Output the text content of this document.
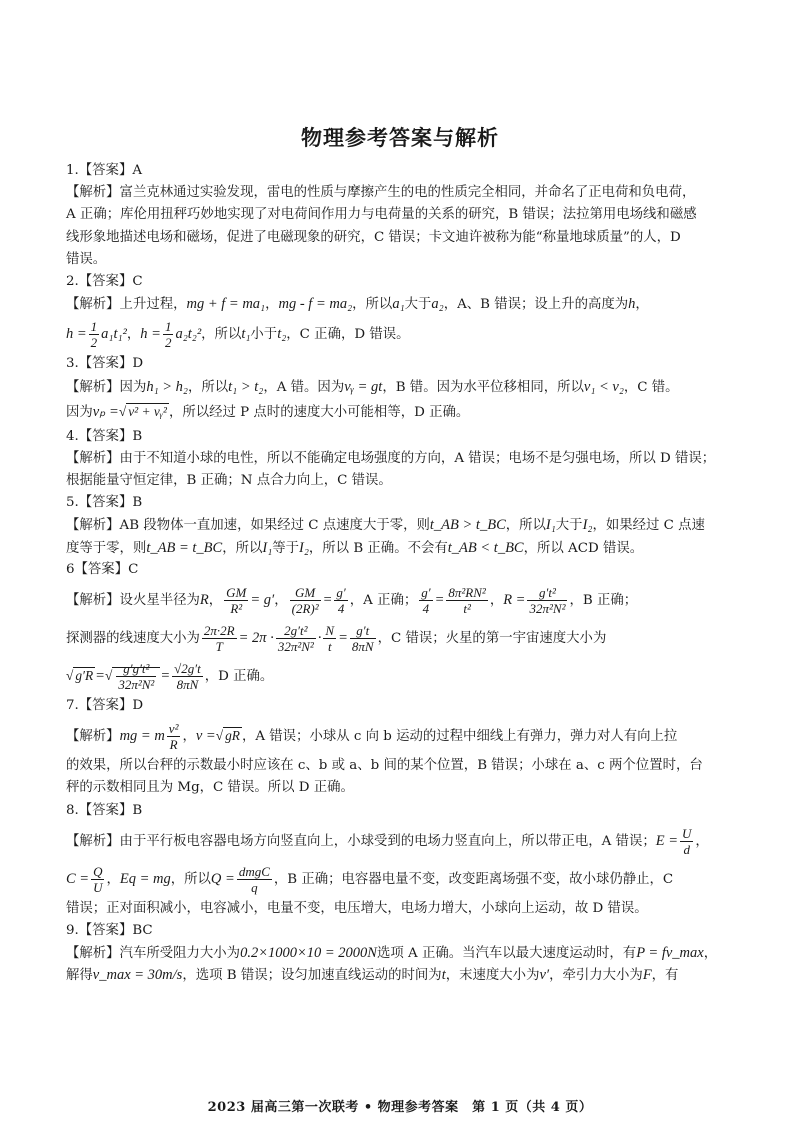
物理参考答案与解析
1.【答案】A
【解析】富兰克林通过实验发现，雷电的性质与摩擦产生的电的性质完全相同，并命名了正电荷和负电荷，
A 正确；库伦用扭秤巧妙地实现了对电荷间作用力与电荷量的关系的研究，B 错误；法拉第用电场线和磁感
线形象地描述电场和磁场，促进了电磁现象的研究，C 错误；卡文迪许被称为能“称量地球质量”的人，D
错误。
2.【答案】C
【解析】上升过程，mg + f = ma₁，mg - f = ma₂，所以a₁大于a₂，A、B 错误；设上升的高度为h，
$h = \frac{1}{2} a_1t_1^2$，$h = \frac{1}{2} a_2t_2^2$，所以t₁小于t₂，C 正确，D 错误。
3.【答案】D
【解析】因为h₁ > h₂，所以t₁ > t₂，A 错。因为vᵧ = gt，B 错。因为水平位移相同，所以v₁ < v₂，C 错。
因为vₚ =√ v² + vᵧ² ，所以经过 P 点时的速度大小可能相等，D 正确。
4.【答案】B
【解析】由于不知道小球的电性，所以不能确定电场强度的方向，A 错误；电场不是匀强电场，所以 D 错误；
根据能量守恒定律，B 正确；N 点合力向上，C 错误。
5.【答案】B
【解析】AB 段物体一直加速，如果经过 C 点速度大于零，则t_AB > t_BC，所以I₁大于I₂，如果经过 C 点速
度等于零，则t_AB = t_BC，所以I₁等于I₂，所以 B 正确。不会有t_AB < t_BC，所以 ACD 错误。
6【答案】C
【解析】设火星半径为R， $\frac{GM}{\text{R²}} = g'$， $\frac{GM}{\text{(2R)²}} = \frac{g'}{4}$ ，A 正确； $\frac{g'}{4} = \frac{\text{8π²RN²}}{\text{t²}}$ ，$R = \frac{\text{g′t²}}{\text{32π²N²}}$ ，B 正确；
探测器的线速度大小为 $\frac{2\pi\cdot 2R}{T} = 2\pi \cdot \frac{\text{2g′t²}}{\text{32π²N²}} \cdot \frac{N}{t} = \frac{g't}{8\pi N}$ ，C 错误；火星的第一宇宙速度大小为
√ g′R =√ $\frac{\text{g′g′t²}}{\text{32π²N²}} = \frac{√2g't}{8\pi N}$ ，D 正确。
7.【答案】D
【解析】mg = m $\frac{\text{v²}}{R}$ ，v =√ gR ，A 错误；小球从 c 向 b 运动的过程中细线上有弹力，弹力对人有向上拉
的效果，所以台秤的示数最小时应该在 c、b 或 a、b 间的某个位置，B 错误；小球在 a、c 两个位置时，台
秤的示数相同且为 Mg，C 错误。所以 D 正确。
8.【答案】B
【解析】由于平行板电容器电场方向竖直向上，小球受到的电场力竖直向上，所以带正电，A 错误；$E = \frac{U}{d}$ ，
$C = \frac{Q}{U}$ ，Eq = mg，所以$Q = \frac{\text{dmgC}}{q}$ ，B 正确；电容器电量不变，改变距离场强不变，故小球仍静止，C
错误；正对面积减小，电容减小，电量不变，电压增大，电场力增大，小球向上运动，故 D 错误。
9.【答案】BC
【解析】汽车所受阻力大小为0.2×1000×10 = 2000N选项 A 正确。当汽车以最大速度运动时，有P = fv_max，
解得v_max = 30m/s，选项 B 错误；设匀加速直线运动的时间为t，末速度大小为v′，牵引力大小为F，有
2023 届高三第一次联考 • 物理参考答案　第 1 页（共 4 页）
